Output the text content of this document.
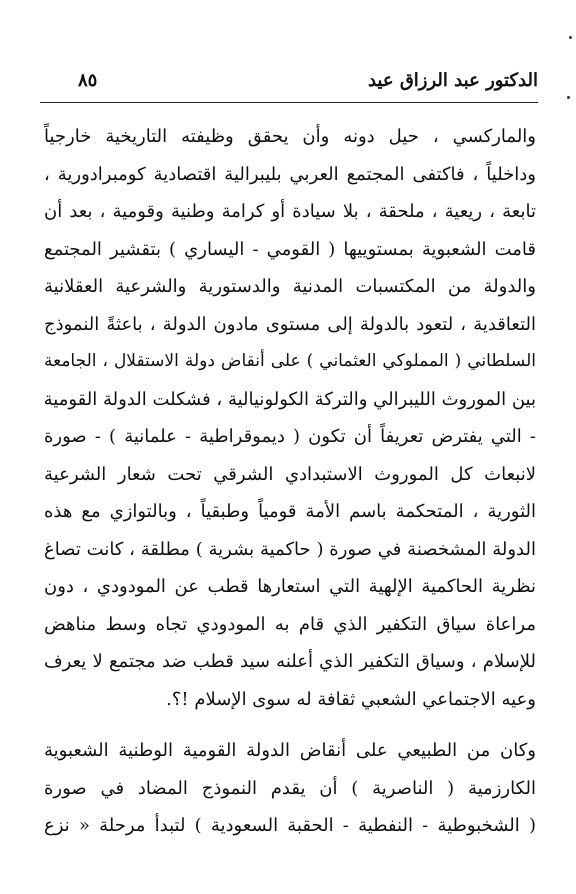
الدكتور عبد الرزاق عيد
٨٥
والماركسي ، حيل دونه وأن يحقق وظيفته التاريخية خارجياً
وداخلياً ، فاكتفى المجتمع العربي بليبرالية اقتصادية كومبرادورية ،
تابعة ، ريعية ، ملحقة ، بلا سيادة أو كرامة وطنية وقومية ، بعد أن
قامت الشعبوية بمستوييها ( القومي - اليساري ) بتقشير المجتمع
والدولة من المكتسبات المدنية والدستورية والشرعية العقلانية
التعاقدية ، لتعود بالدولة إلى مستوى مادون الدولة ، باعثةً النموذج
السلطاني ( المملوكي العثماني ) على أنقاض دولة الاستقلال ، الجامعة
بين الموروث الليبرالي والتركة الكولونيالية ، فشكلت الدولة القومية
- التي يفترض تعريفاً أن تكون ( ديموقراطية - علمانية ) - صورة
لانبعاث كل الموروث الاستبدادي الشرقي تحت شعار الشرعية
الثورية ، المتحكمة باسم الأمة قومياً وطبقياً ، وبالتوازي مع هذه
الدولة المشخصنة في صورة ( حاكمية بشرية ) مطلقة ، كانت تصاغ
نظرية الحاكمية الإلهية التي استعارها قطب عن المودودي ، دون
مراعاة سياق التكفير الذي قام به المودودي تجاه وسط مناهض
للإسلام ، وسياق التكفير الذي أعلنه سيد قطب ضد مجتمع لا يعرف
وعيه الاجتماعي الشعبي ثقافة له سوى الإسلام !؟.
وكان من الطبيعي على أنقاض الدولة القومية الوطنية الشعبوية
الكارزمية ( الناصرية ) أن يقدم النموذج المضاد في صورة
( الشخبوطية - النفطية - الحقبة السعودية ) لتبدأ مرحلة « نزع
